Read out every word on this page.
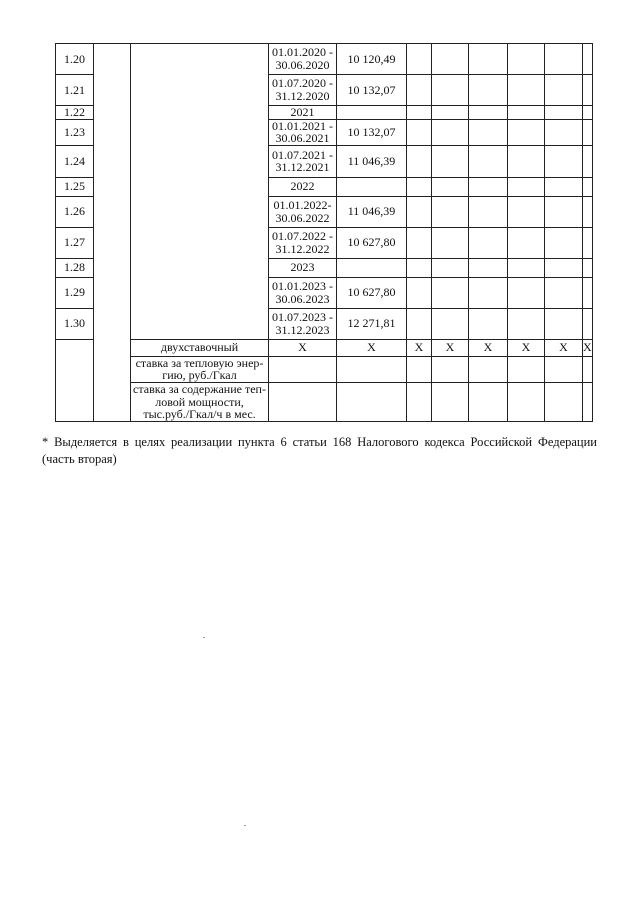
1.20			01.01.2020 -
30.06.2020	10 120,49						
1.21			01.07.2020 -
31.12.2020	10 132,07						
1.22			2021							
1.23			01.01.2021 -
30.06.2021	10 132,07						
1.24			01.07.2021 -
31.12.2021	11 046,39						
1.25			2022							
1.26			01.01.2022-
30.06.2022	11 046,39						
1.27			01.07.2022 -
31.12.2022	10 627,80						
1.28			2023							
1.29			01.01.2023 -
30.06.2023	10 627,80						
1.30			01.07.2023 -
31.12.2023	12 271,81						
		двухставочный	Х	Х	Х	Х	Х	Х	Х	Х
		ставка за тепловую энер-
гию, руб./Гкал								
		ставка за содержание теп-
ловой мощности,
тыс.руб./Гкал/ч в мес.								
* Выделяется в целях реализации пункта 6 статьи 168 Налогового кодекса Российской Федерации (часть вторая)
